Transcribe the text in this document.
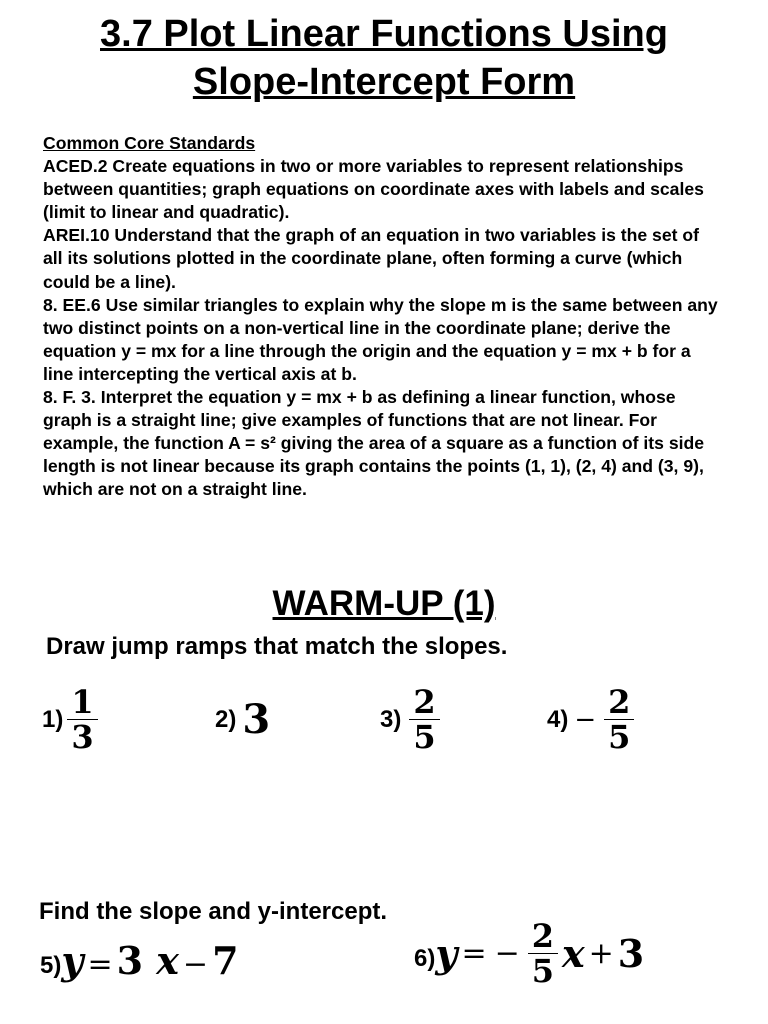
3.7 Plot Linear Functions Using
Slope-Intercept Form
Common Core Standards

ACED.2 Create equations in two or more variables to represent relationships between quantities; graph equations on coordinate axes with labels and scales (limit to linear and quadratic).

AREI.10 Understand that the graph of an equation in two variables is the set of all its solutions plotted in the coordinate plane, often forming a curve (which could be a line).

8. EE.6 Use similar triangles to explain why the slope m is the same between any two distinct points on a non-vertical line in the coordinate plane; derive the equation y = mx for a line through the origin and the equation y = mx + b for a line intercepting the vertical axis at b.

8. F. 3. Interpret the equation y = mx + b as defining a linear function, whose graph is a straight line; give examples of functions that are not linear. For example, the function A = s² giving the area of a square as a function of its side length is not linear because its graph contains the points (1, 1), (2, 4) and (3, 9), which are not on a straight line.

WARM-UP (1)
Draw jump ramps that match the slopes.
$1) \frac{1}{3}$	2) 3	$3) \frac{2}{5}$	$4) - \frac{2}{5}$
Find the slope and y-intercept.
5) y = 3 x − 7	6) y = − $\frac{2}{5}$ x + 3
